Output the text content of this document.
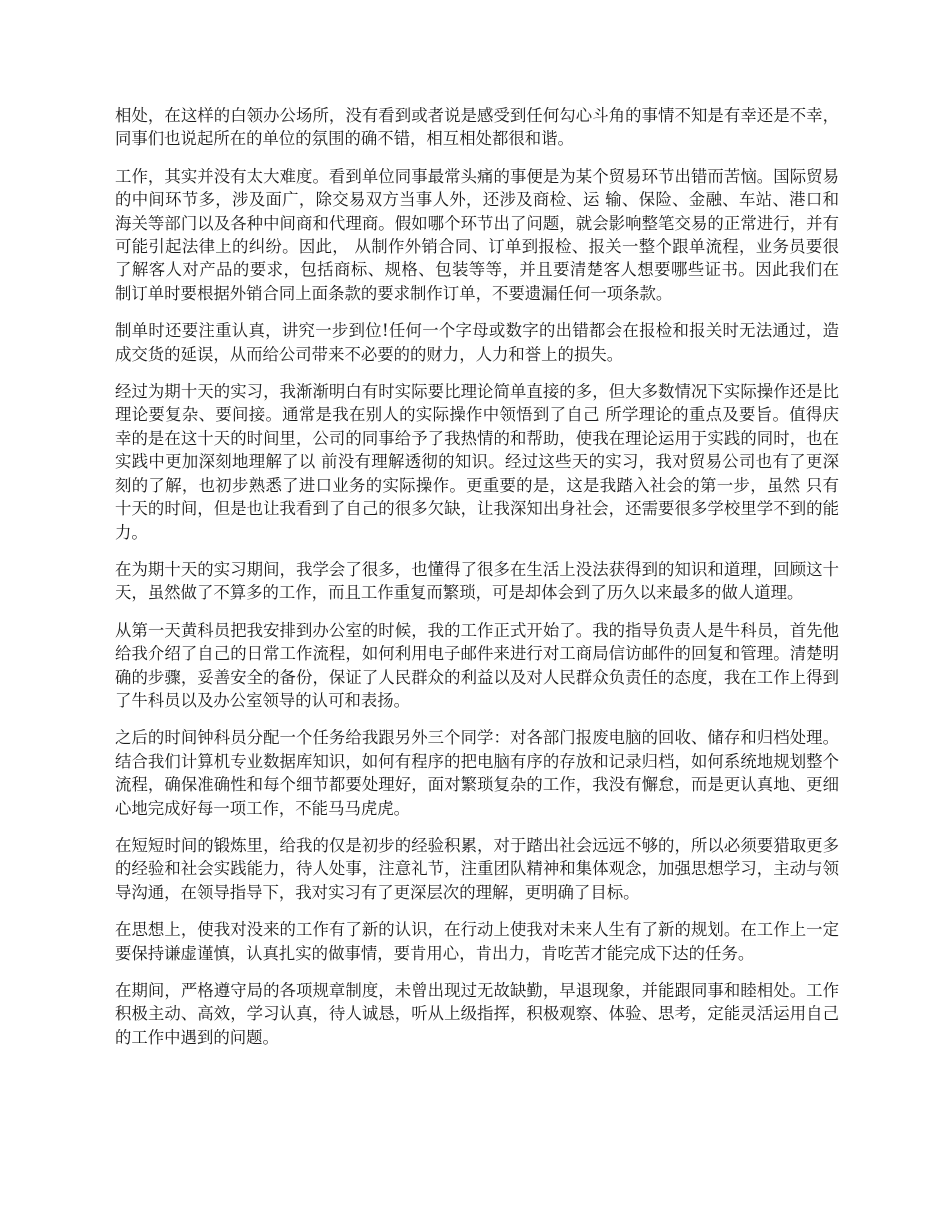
相处，在这样的白领办公场所，没有看到或者说是感受到任何勾心斗角的事情不知是有幸还是不幸，同事们也说起所在的单位的氛围的确不错，相互相处都很和谐。

工作，其实并没有太大难度。看到单位同事最常头痛的事便是为某个贸易环节出错而苦恼。国际贸易的中间环节多，涉及面广，除交易双方当事人外，还涉及商检、运 输、保险、金融、车站、港口和海关等部门以及各种中间商和代理商。假如哪个环节出了问题，就会影响整笔交易的正常进行，并有可能引起法律上的纠纷。因此， 从制作外销合同、订单到报检、报关一整个跟单流程，业务员要很了解客人对产品的要求，包括商标、规格、包装等等，并且要清楚客人想要哪些证书。因此我们在 制订单时要根据外销合同上面条款的要求制作订单，不要遗漏任何一项条款。

制单时还要注重认真，讲究一步到位!任何一个字母或数字的出错都会在报检和报关时无法通过，造成交货的延误，从而给公司带来不必要的的财力，人力和誉上的损失。

经过为期十天的实习，我渐渐明白有时实际要比理论简单直接的多，但大多数情况下实际操作还是比理论要复杂、要间接。通常是我在别人的实际操作中领悟到了自己 所学理论的重点及要旨。值得庆幸的是在这十天的时间里，公司的同事给予了我热情的和帮助，使我在理论运用于实践的同时，也在实践中更加深刻地理解了以 前没有理解透彻的知识。经过这些天的实习，我对贸易公司也有了更深刻的了解，也初步熟悉了进口业务的实际操作。更重要的是，这是我踏入社会的第一步，虽然 只有十天的时间，但是也让我看到了自己的很多欠缺，让我深知出身社会，还需要很多学校里学不到的能力。

在为期十天的实习期间，我学会了很多，也懂得了很多在生活上没法获得到的知识和道理，回顾这十天，虽然做了不算多的工作，而且工作重复而繁琐，可是却体会到了历久以来最多的做人道理。

从第一天黄科员把我安排到办公室的时候，我的工作正式开始了。我的指导负责人是牛科员，首先他给我介绍了自己的日常工作流程，如何利用电子邮件来进行对工商局信访邮件的回复和管理。清楚明确的步骤，妥善安全的备份，保证了人民群众的利益以及对人民群众负责任的态度，我在工作上得到了牛科员以及办公室领导的认可和表扬。

之后的时间钟科员分配一个任务给我跟另外三个同学：对各部门报废电脑的回收、储存和归档处理。结合我们计算机专业数据库知识，如何有程序的把电脑有序的存放和记录归档，如何系统地规划整个流程，确保准确性和每个细节都要处理好，面对繁琐复杂的工作，我没有懈怠，而是更认真地、更细心地完成好每一项工作，不能马马虎虎。

在短短时间的锻炼里，给我的仅是初步的经验积累，对于踏出社会远远不够的，所以必须要猎取更多的经验和社会实践能力，待人处事，注意礼节，注重团队精神和集体观念，加强思想学习，主动与领导沟通，在领导指导下，我对实习有了更深层次的理解，更明确了目标。

在思想上，使我对没来的工作有了新的认识，在行动上使我对未来人生有了新的规划。在工作上一定要保持谦虚谨慎，认真扎实的做事情，要肯用心，肯出力，肯吃苦才能完成下达的任务。

在期间，严格遵守局的各项规章制度，未曾出现过无故缺勤，早退现象，并能跟同事和睦相处。工作积极主动、高效，学习认真，待人诚恳，听从上级指挥，积极观察、体验、思考，定能灵活运用自己的工作中遇到的问题。
